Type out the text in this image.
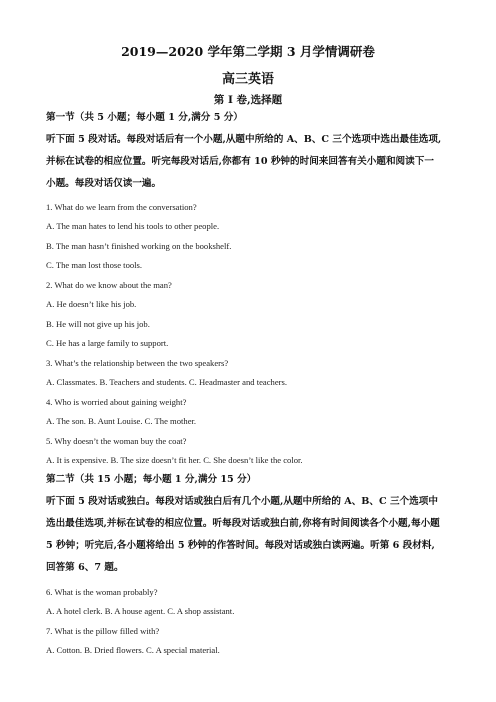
2019—2020 学年第二学期 3 月学情调研卷
高三英语
第 I 卷,选择题
第一节（共 5 小题；每小题 1 分,满分 5 分）
听下面 5 段对话。每段对话后有一个小题,从题中所给的 A、B、C 三个选项中选出最佳选项,
并标在试卷的相应位置。听完每段对话后,你都有 10 秒钟的时间来回答有关小题和阅读下一
小题。每段对话仅读一遍。
1. What do we learn from the conversation?
A. The man hates to lend his tools to other people.
B. The man hasn’t finished working on the bookshelf.
C. The man lost those tools.
2. What do we know about the man?
A. He doesn’t like his job.
B. He will not give up his job.
C. He has a large family to support.
3. What’s the relationship between the two speakers?
A. Classmates. B. Teachers and students. C. Headmaster and teachers.
4. Who is worried about gaining weight?
A. The son. B. Aunt Louise. C. The mother.
5. Why doesn’t the woman buy the coat?
A. It is expensive. B. The size doesn’t fit her. C. She doesn’t like the color.
第二节（共 15 小题；每小题 1 分,满分 15 分）
听下面 5 段对话或独白。每段对话或独白后有几个小题,从题中所给的 A、B、C 三个选项中
选出最佳选项,并标在试卷的相应位置。听每段对话或独白前,你将有时间阅读各个小题,每小题
5 秒钟；听完后,各小题将给出 5 秒钟的作答时间。每段对话或独白读两遍。听第 6 段材料,
回答第 6、7 题。
6. What is the woman probably?
A. A hotel clerk. B. A house agent. C. A shop assistant.
7. What is the pillow filled with?
A. Cotton. B. Dried flowers. C. A special material.
